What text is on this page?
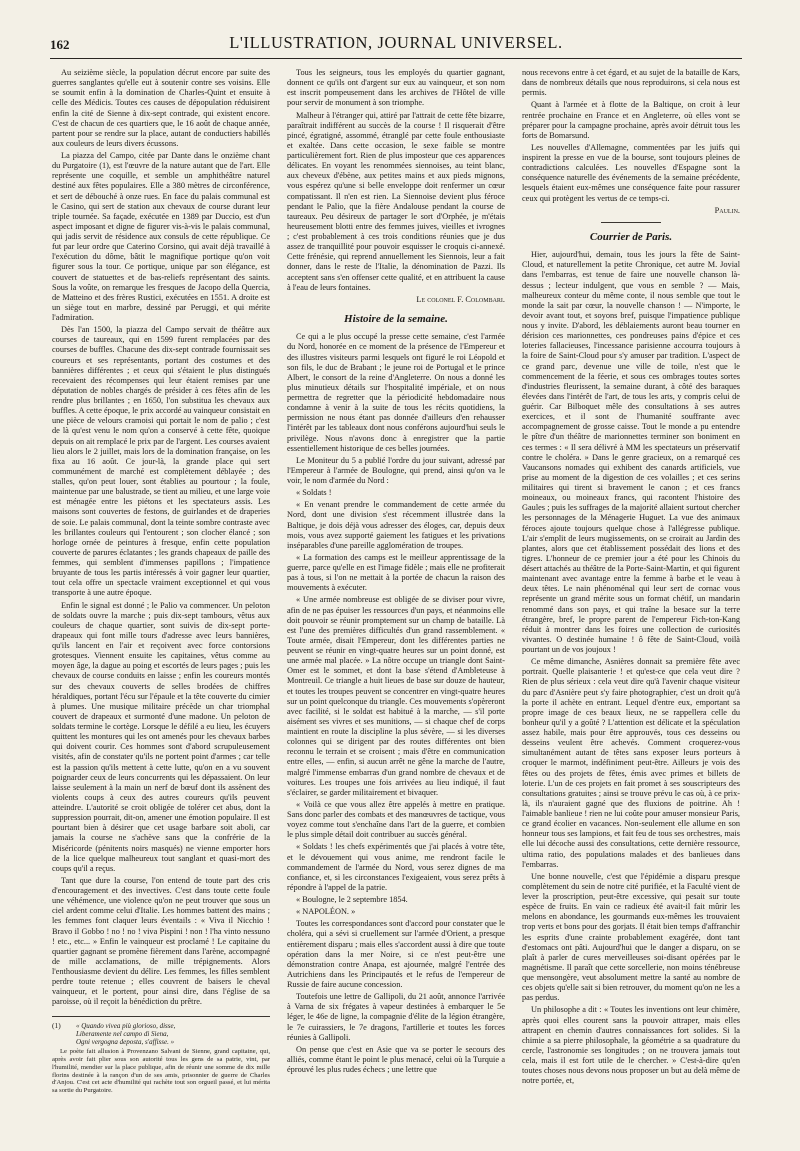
162	L'ILLUSTRATION, JOURNAL UNIVERSEL.

Au seizième siècle, la population décrut encore par suite des guerres sanglantes qu'elle eut à soutenir contre ses voisins. Elle se soumit enfin à la domination de Charles-Quint et ensuite à celle des Médicis. Toutes ces causes de dépopulation réduisirent enfin la cité de Sienne à dix-sept contrade, qui existent encore. C'est de chacun de ces quartiers que, le 16 août de chaque année, partent pour se rendre sur la place, autant de conductiers habillés aux couleurs de leurs divers écussons.

La piazza del Campo, citée par Dante dans le onzième chant du Purgatoire (1), est l'œuvre de la nature autant que de l'art. Elle représente une coquille, et semble un amphithéâtre naturel destiné aux fêtes populaires. Elle a 380 mètres de circonférence, et sert de débouché à onze rues. En face du palais communal est le Casino, qui sert de station aux chevaux de course durant leur triple tournée. Sa façade, exécutée en 1389 par Duccio, est d'un aspect imposant et digne de figurer vis-à-vis le palais communal, qui jadis servit de résidence aux consuls de cette république. Ce fut par leur ordre que Caterino Corsino, qui avait déjà travaillé à l'exécution du dôme, bâtit le magnifique portique qu'on voit figurer sous la tour. Ce portique, unique par son élégance, est couvert de statuettes et de bas-reliefs représentant des saints. Sous la voûte, on remarque les fresques de Jacopo della Quercia, de Matteino et des frères Rustici, exécutées en 1551. A droite est un siège tout en marbre, dessiné par Peruggi, et qui mérite l'admiration.

Dès l'an 1500, la piazza del Campo servait de théâtre aux courses de taureaux, qui en 1599 furent remplacées par des courses de buffles. Chacune des dix-sept contrade fournissait ses coureurs et ses représentants, portant des costumes et des bannières différentes ; et ceux qui s'étaient le plus distingués recevaient des récompenses qui leur étaient remises par une députation de nobles chargés de présider à ces fêtes afin de les rendre plus brillantes ; en 1650, l'on substitua les chevaux aux buffles. A cette époque, le prix accordé au vainqueur consistait en une pièce de velours cramoisi qui portait le nom de palio ; c'est de là qu'est venu le nom qu'on a conservé à cette fête, quoique depuis on ait remplacé le prix par de l'argent. Les courses avaient lieu alors le 2 juillet, mais lors de la domination française, on les fixa au 16 août. Ce jour-là, la grande place qui sert communément de marché est complètement déblayée ; des stalles, qu'on peut louer, sont établies au pourtour ; la foule, maintenue par une balustrade, se tient au milieu, et une large voie est ménagée entre les piétons et les spectateurs assis. Les maisons sont couvertes de festons, de guirlandes et de draperies de soie. Le palais communal, dont la teinte sombre contraste avec les brillantes couleurs qui l'entourent ; son clocher élancé ; son horloge ornée de peintures à fresque, enfin cette population couverte de parures éclatantes ; les grands chapeaux de paille des femmes, qui semblent d'immenses papillons ; l'impatience bruyante de tous les partis intéressés à voir gagner leur quartier, tout cela offre un spectacle vraiment exceptionnel et qui vous transporte à une autre époque.

Enfin le signal est donné ; le Palio va commencer. Un peloton de soldats ouvre la marche ; puis dix-sept tambours, vêtus aux couleurs de chaque quartier, sont suivis de dix-sept porte-drapeaux qui font mille tours d'adresse avec leurs bannières, qu'ils lancent en l'air et reçoivent avec force contorsions grotesques. Viennent ensuite les capitaines, vêtus comme au moyen âge, la dague au poing et escortés de leurs pages ; puis les chevaux de course conduits en laisse ; enfin les coureurs montés sur des chevaux couverts de selles brodées de chiffres héraldiques, portant l'écu sur l'épaule et la tête couverte du cimier à plumes. Une musique militaire précède un char triomphal couvert de drapeaux et surmonté d'une madone. Un peloton de soldats termine le cortège. Lorsque le défilé a eu lieu, les écuyers quittent les montures qui les ont amenés pour les chevaux barbes qui doivent courir. Ces hommes sont d'abord scrupuleusement visités, afin de constater qu'ils ne portent point d'armes ; car telle est la passion qu'ils mettent à cette lutte, qu'on en a vu souvent poignarder ceux de leurs concurrents qui les dépassaient. On leur laisse seulement à la main un nerf de bœuf dont ils assènent des violents coups à ceux des autres coureurs qu'ils peuvent atteindre. L'autorité se croit obligée de tolérer cet abus, dont la suppression pourrait, dit-on, amener une émotion populaire. Il est pourtant bien à désirer que cet usage barbare soit aboli, car jamais la course ne s'achève sans que la confrérie de la Miséricorde (pénitents noirs masqués) ne vienne emporter hors de la lice quelque malheureux tout sanglant et quasi-mort des coups qu'il a reçus.

Tant que dure la course, l'on entend de toute part des cris d'encouragement et des invectives. C'est dans toute cette foule une véhémence, une violence qu'on ne peut trouver que sous un ciel ardent comme celui d'Italie. Les hommes battent des mains ; les femmes font claquer leurs éventails : « Viva il Nicchio ! Bravo il Gobbo ! no ! no ! viva Pispini ! non ! l'ha vinto nessuno ! etc., etc... » Enfin le vainqueur est proclamé ! Le capitaine du quartier gagnant se promène fièrement dans l'arène, accompagné de mille acclamations, de mille trépignements. Alors l'enthousiasme devient du délire. Les femmes, les filles semblent perdre toute retenue ; elles couvrent de baisers le cheval vainqueur, et le portent, pour ainsi dire, dans l'église de sa paroisse, où il reçoit la bénédiction du prêtre.

(1)	« Quando vivea più glorioso, disse,
Liberamente nel campo di Siena,
Ogni vergogna deposta, s'affisse. »
Le poète fait allusion à Provenzano Salvani de Sienne, grand capitaine, qui, après avoir fait plier sous son autorité tous les gens de sa patrie, vint, par l'humilité, mendier sur la place publique, afin de réunir une somme de dix mille florins destinée à la rançon d'un de ses amis, prisonnier de guerre de Charles d'Anjou. C'est cet acte d'humilité qui rachète tout son orgueil passé, et lui mérita sa sortie du Purgatoire.

Tous les seigneurs, tous les employés du quartier gagnant, donnent ce qu'ils ont d'argent sur eux au vainqueur, et son nom est inscrit pompeusement dans les archives de l'Hôtel de ville pour servir de monument à son triomphe.

Malheur à l'étranger qui, attiré par l'attrait de cette fête bizarre, paraîtrait indifférent au succès de la course ! Il risquerait d'être pincé, égratigné, assommé, étranglé par cette foule enthousiaste et exaltée. Dans cette occasion, le sexe faible se montre particulièrement fort. Rien de plus imposteur que ces apparences délicates. En voyant les renommées siennoises, au teint blanc, aux cheveux d'ébène, aux petites mains et aux pieds mignons, vous espérez qu'une si belle enveloppe doit renfermer un cœur compatissant. Il n'en est rien. La Siennoise devient plus féroce pendant le Palio, que la fière Andalouse pendant la course de taureaux. Peu désireux de partager le sort d'Orphée, je m'étais heureusement blotti entre des femmes juives, vieilles et ivrognes ; c'est probablement à ces trois conditions réunies que je dus assez de tranquillité pour pouvoir esquisser le croquis ci-annexé. Cette frénésie, qui reprend annuellement les Siennois, leur a fait donner, dans le reste de l'Italie, la dénomination de Pazzi. Ils acceptent sans s'en offenser cette qualité, et en attribuent la cause à l'eau de leurs fontaines.

Le colonel F. Colombari.
Histoire de la semaine.

Ce qui a le plus occupé la presse cette semaine, c'est l'armée du Nord, honorée en ce moment de la présence de l'Empereur et des illustres visiteurs parmi lesquels ont figuré le roi Léopold et son fils, le duc de Brabant ; le jeune roi de Portugal et le prince Albert, le consort de la reine d'Angleterre. On nous a donné les plus minutieux détails sur l'hospitalité impériale, et on nous permettra de regretter que la périodicité hebdomadaire nous condamne à venir à la suite de tous les récits quotidiens, la permission ne nous étant pas donnée d'ailleurs d'en rehausser l'intérêt par les tableaux dont nous conférons aujourd'hui seuls le privilège. Nous n'avons donc à enregistrer que la partie essentiellement historique de ces belles journées.

Le Moniteur du 5 a publié l'ordre du jour suivant, adressé par l'Empereur à l'armée de Boulogne, qui prend, ainsi qu'on va le voir, le nom d'armée du Nord :

« Soldats !

« En venant prendre le commandement de cette armée du Nord, dont une division s'est récemment illustrée dans la Baltique, je dois déjà vous adresser des éloges, car, depuis deux mois, vous avez supporté gaiement les fatigues et les privations inséparables d'une pareille agglomération de troupes.

« La formation des camps est le meilleur apprentissage de la guerre, parce qu'elle en est l'image fidèle ; mais elle ne profiterait pas à tous, si l'on ne mettait à la portée de chacun la raison des mouvements à exécuter.

« Une armée nombreuse est obligée de se diviser pour vivre, afin de ne pas épuiser les ressources d'un pays, et néanmoins elle doit pouvoir se réunir promptement sur un champ de bataille. Là est l'une des premières difficultés d'un grand rassemblement. « Toute armée, disait l'Empereur, dont les différentes parties ne peuvent se réunir en vingt-quatre heures sur un point donné, est une armée mal placée. » La nôtre occupe un triangle dont Saint-Omer est le sommet, et dont la base s'étend d'Ambleteuse à Montreuil. Ce triangle a huit lieues de base sur douze de hauteur, et toutes les troupes peuvent se concentrer en vingt-quatre heures sur un point quelconque du triangle. Ces mouvements s'opèreront avec facilité, si le soldat est habitué à la marche, — s'il porte aisément ses vivres et ses munitions, — si chaque chef de corps maintient en route la discipline la plus sévère, — si les diverses colonnes qui se dirigent par des routes différentes ont bien reconnu le terrain et se croisent ; mais d'être en communication entre elles, — enfin, si aucun arrêt ne gêne la marche de l'autre, malgré l'immense embarras d'un grand nombre de chevaux et de voitures. Les troupes une fois arrivées au lieu indiqué, il faut s'éclairer, se garder militairement et bivaquer.

« Voilà ce que vous allez être appelés à mettre en pratique. Sans donc parler des combats et des manœuvres de tactique, vous voyez comme tout s'enchaîne dans l'art de la guerre, et combien le plus simple détail doit contribuer au succès général.

« Soldats ! les chefs expérimentés que j'ai placés à votre tête, et le dévouement qui vous anime, me rendront facile le commandement de l'armée du Nord, vous serez dignes de ma confiance, et, si les circonstances l'exigeaient, vous serez prêts à répondre à l'appel de la patrie.

« Boulogne, le 2 septembre 1854.

« NAPOLÉON. »

Toutes les correspondances sont d'accord pour constater que le choléra, qui a sévi si cruellement sur l'armée d'Orient, a presque entièrement disparu ; mais elles s'accordent aussi à dire que toute opération dans la mer Noire, si ce n'est peut-être une démonstration contre Anapa, est ajournée, malgré l'entrée des Autrichiens dans les Principautés et le refus de l'empereur de Russie de faire aucune concession.

Toutefois une lettre de Gallipoli, du 21 août, annonce l'arrivée à Varna de six frégates à vapeur destinées à embarquer le 5e léger, le 46e de ligne, la compagnie d'élite de la légion étrangère, le 7e cuirassiers, le 7e dragons, l'artillerie et toutes les forces réunies à Gallipoli.

On pense que c'est en Asie que va se porter le secours des alliés, comme étant le point le plus menacé, celui où la Turquie a éprouvé les plus rudes échecs ; une lettre que

nous recevons entre à cet égard, et au sujet de la bataille de Kars, dans de nombreux détails que nous reproduirons, si cela nous est permis.

Quant à l'armée et à flotte de la Baltique, on croit à leur rentrée prochaine en France et en Angleterre, où elles vont se préparer pour la campagne prochaine, après avoir détruit tous les forts de Bomarsund.

Les nouvelles d'Allemagne, commentées par les juifs qui inspirent la presse en vue de la bourse, sont toujours pleines de contradictions calculées. Les nouvelles d'Espagne sont la conséquence naturelle des événements de la semaine précédente, lesquels étaient eux-mêmes une conséquence faite pour rassurer ceux qui protègent les vertus de ce temps-ci.

Paulin.
Courrier de Paris.

Hier, aujourd'hui, demain, tous les jours la fête de Saint-Cloud, et naturellement la petite Chronique, cet autre M. Jovial dans l'embarras, est tenue de faire une nouvelle chanson là-dessus ; lecteur indulgent, que vous en semble ? — Mais, malheureux conteur du même conte, il nous semble que tout le monde la sait par cœur, la nouvelle chanson ! — N'importe, le devoir avant tout, et soyons bref, puisque l'impatience publique nous y invite. D'abord, les déblaiements auront beau tourner en dérision ces marionnettes, ces pondreuses pains d'épice et ces loteries fallacieuses, l'incessance parisienne accourra toujours à la foire de Saint-Cloud pour s'y amuser par tradition. L'aspect de ce grand parc, devenue une ville de toile, n'est que le commencement de la féerie, et sous ces ombrages toutes sortes d'industries fleurissent, la semaine durant, à côté des baraques élevées dans l'intérêt de l'art, de tous les arts, y compris celui de guérir. Car Bilboquet mêle des consultations à ses autres exercices, et il sont de l'humanité souffrante avec accompagnement de grosse caisse. Tout le monde a pu entendre le pître d'un théâtre de marionnettes terminer son boniment en ces termes : « Il sera délivré à MM les spectateurs un préservatif contre le choléra. » Dans le genre gracieux, on a remarqué ces Vaucansons nomades qui exhibent des canards artificiels, vue prise au moment de la digestion de ces volailles ; et ces serins militaires qui tirent si bravement le canon ; et ces francs moineaux, ou moineaux francs, qui racontent l'histoire des Gaules ; puis les suffrages de la majorité allaient surtout chercher les personnages de la Ménagerie Huguet. La vue des animaux féroces ajoute toujours quelque chose à l'allégresse publique. L'air s'emplit de leurs mugissements, on se croirait au Jardin des plantes, alors que cet établissement possédait des lions et des tigres. L'honneur de ce premier jour a été pour les Chinois du désert attachés au théâtre de la Porte-Saint-Martin, et qui figurent maintenant avec avantage entre la femme à barbe et le veau à deux têtes. Le nain phénoménal qui leur sert de cornac vous représente un grand mérite sous un format chétif, un mandarin renommé dans son pays, et qui traîne la besace sur la terre étrangère, bref, le propre parent de l'empereur Fich-ton-Kang réduit à montrer dans les foires une collection de curiosités vivantes. O destinée humaine ! ô fête de Saint-Cloud, voilà pourtant un de vos joujoux !

Ce même dimanche, Asnières donnait sa première fête avec portrait. Quelle plaisanterie ! et qu'est-ce que cela veut dire ? Rien de plus sérieux : cela veut dire qu'à l'avenir chaque visiteur du parc d'Asnière peut s'y faire photographier, c'est un droit qu'à la porte il achète en entrant. Lequel d'entre eux, emportant sa propre image de ces beaux lieux, ne se rappellera celle du bonheur qu'il y a goûté ? L'attention est délicate et la spéculation assez habile, mais pour être approuvés, tous ces desseins ou desseins veulent être achevés. Comment croquerez-vous simultanément autant de têtes sans exposer leurs porteurs à croquer le marmot, indéfiniment peut-être. Ailleurs je vois des fêtes ou des projets de fêtes, émis avec primes et billets de loterie. L'un de ces projets en fait promet à ses souscripteurs des consultations gratuites ; ainsi se trouve prévu le cas où, à ce prix-là, ils n'auraient gagné que des fluxions de poitrine. Ah ! l'aimable banlieue ! rien ne lui coûte pour amuser monsieur Paris, ce grand écolier en vacances. Non-seulement elle allume en son honneur tous ses lampions, et fait feu de tous ses orchestres, mais elle lui décoche aussi des consultations, cette dernière ressource, ultima ratio, des populations malades et des banlieues dans l'embarras.

Une bonne nouvelle, c'est que l'épidémie a disparu presque complètement du sein de notre cité purifiée, et la Faculté vient de lever la proscription, peut-être excessive, qui pesait sur toute espèce de fruits. En vain ce radieux été avait-il fait mûrir les melons en abondance, les gourmands eux-mêmes les trouvaient trop verts et bons pour des gorjats. Il était bien temps d'affranchir les esprits d'une crainte probablement exagérée, dont tant d'estomacs ont pâti. Aujourd'hui que le danger a disparu, on se plaît à parler de cures merveilleuses soi-disant opérées par le magnétisme. Il paraît que cette sorcellerie, non moins ténébreuse que mensongère, veut absolument mettre la santé au nombre de ces objets qu'elle sait si bien retrouver, du moment qu'on ne les a pas perdus.

Un philosophe a dit : « Toutes les inventions ont leur chimère, après quoi elles courent sans la pouvoir attraper, mais elles attrapent en chemin d'autres connaissances fort solides. Si la chimie a sa pierre philosophale, la géométrie a sa quadrature du cercle, l'astronomie ses longitudes ; on ne trouvera jamais tout cela, mais il est fort utile de le chercher. » C'est-à-dire qu'en toutes choses nous devons nous proposer un but au delà même de notre portée, et,
